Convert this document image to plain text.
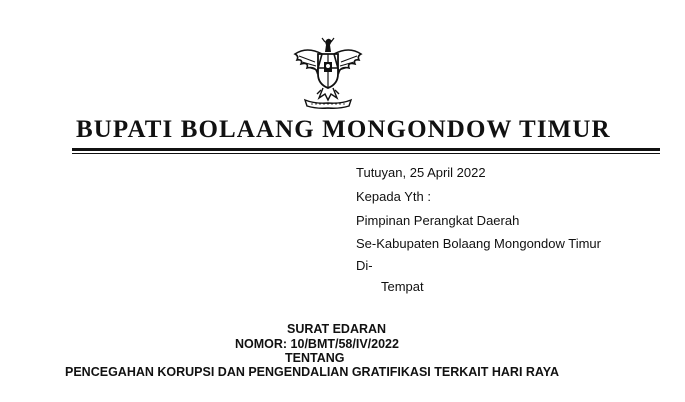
BUPATI BOLAANG MONGONDOW TIMUR
Tutuyan, 25 April 2022
Kepada Yth :
Pimpinan Perangkat Daerah
Se-Kabupaten Bolaang Mongondow Timur
Di-
Tempat
SURAT EDARAN
NOMOR: 10/BMT/58/IV/2022
TENTANG
PENCEGAHAN KORUPSI DAN PENGENDALIAN GRATIFIKASI TERKAIT HARI RAYA
